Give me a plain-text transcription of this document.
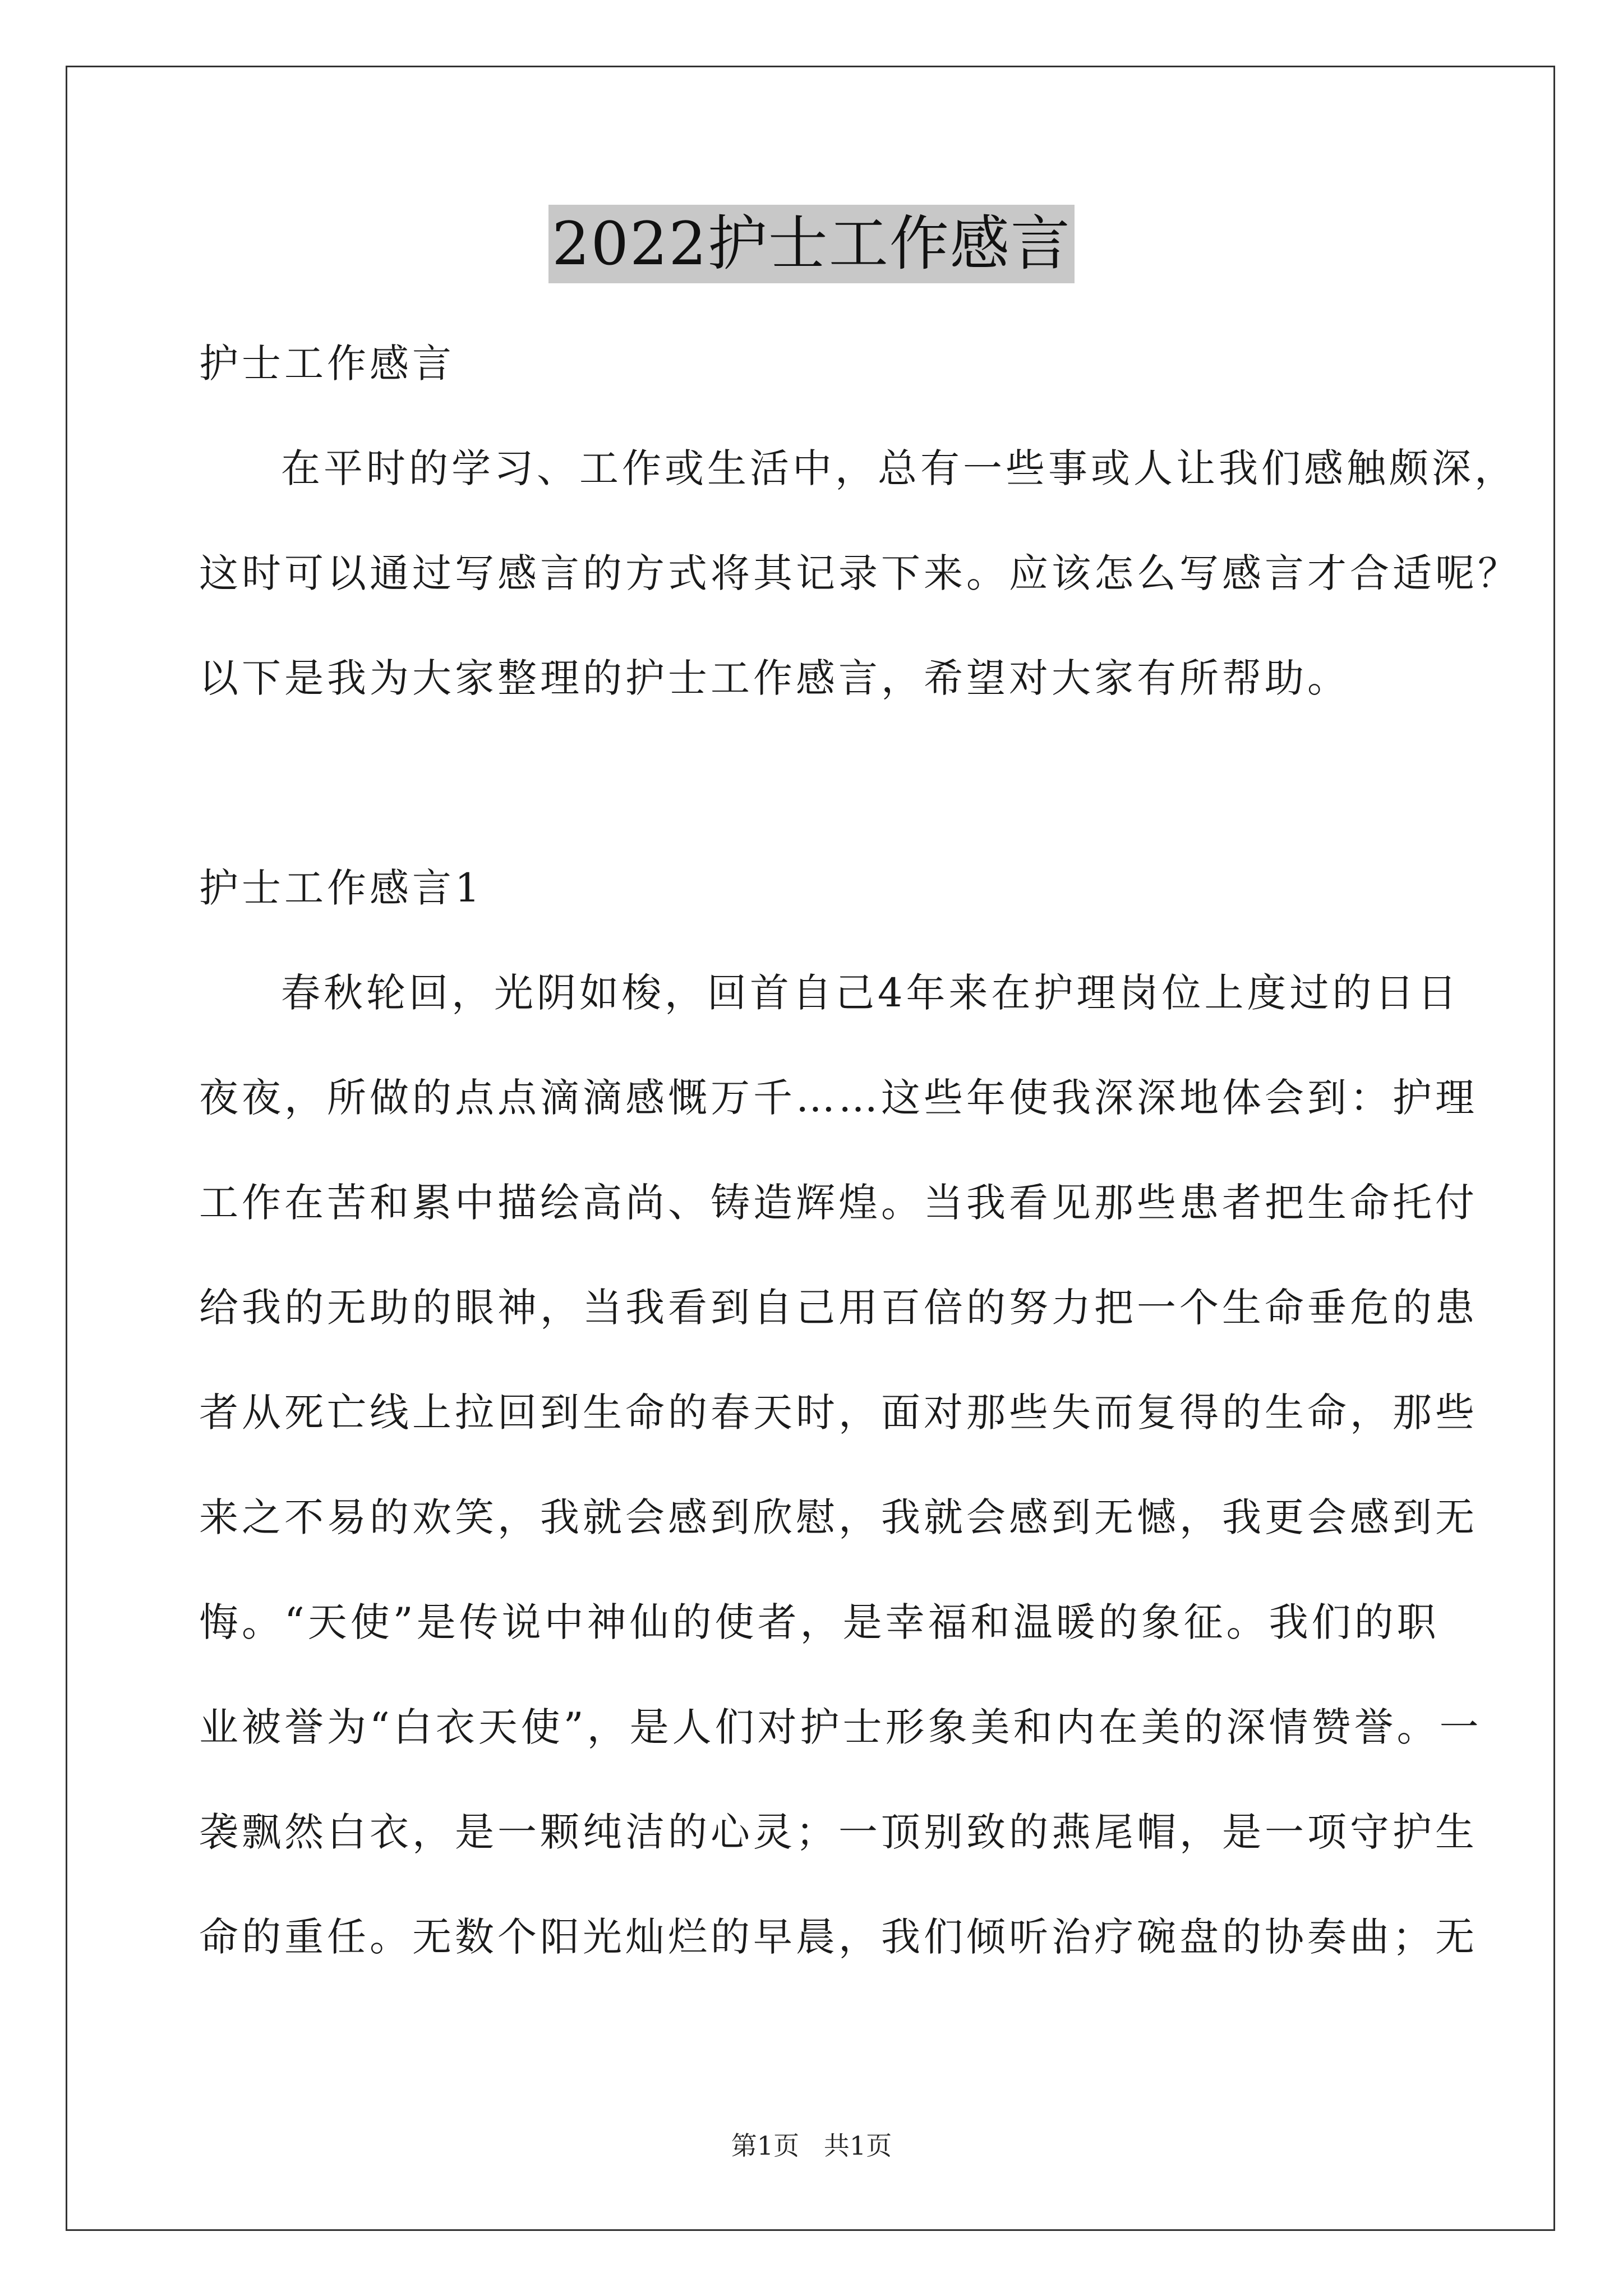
2022护士工作感言
护士工作感言
在平时的学习、工作或生活中，总有一些事或人让我们感触颇深，
这时可以通过写感言的方式将其记录下来。应该怎么写感言才合适呢？
以下是我为大家整理的护士工作感言，希望对大家有所帮助。
护士工作感言1
春秋轮回，光阴如梭，回首自己4年来在护理岗位上度过的日日
夜夜，所做的点点滴滴感慨万千……这些年使我深深地体会到：护理
工作在苦和累中描绘高尚、铸造辉煌。当我看见那些患者把生命托付
给我的无助的眼神，当我看到自己用百倍的努力把一个生命垂危的患
者从死亡线上拉回到生命的春天时，面对那些失而复得的生命，那些
来之不易的欢笑，我就会感到欣慰，我就会感到无憾，我更会感到无
悔。“天使”是传说中神仙的使者，是幸福和温暖的象征。我们的职
业被誉为“白衣天使”，是人们对护士形象美和内在美的深情赞誉。一
袭飘然白衣，是一颗纯洁的心灵；一顶别致的燕尾帽，是一项守护生
命的重任。无数个阳光灿烂的早晨，我们倾听治疗碗盘的协奏曲；无
第1页   共1页
